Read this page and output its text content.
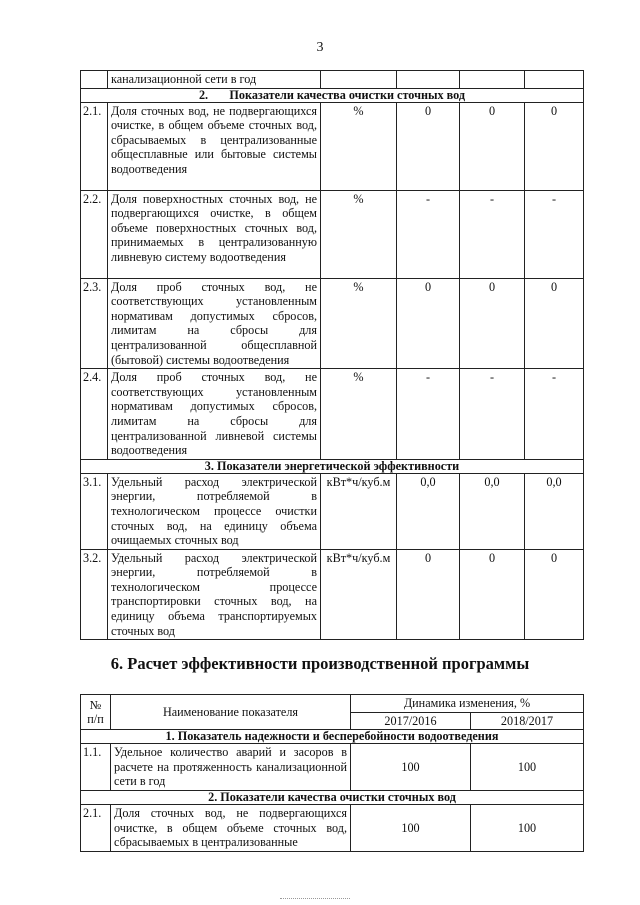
3
	канализационной сети в год				
2. Показатели качества очистки сточных вод					
2.1.	Доля сточных вод, не подвергающихся очистке, в общем объеме сточных вод, сбрасываемых в централизованные общесплавные или бытовые системы водоотведения	%	0	0	0
2.2.	Доля поверхностных сточных вод, не подвергающихся очистке, в общем объеме поверхностных сточных вод, принимаемых в централизованную ливневую систему водоотведения	%	-	-	-
2.3.	Доля проб сточных вод, не соответствующих установленным нормативам допустимых сбросов, лимитам на сбросы для централизованной общесплавной (бытовой) системы водоотведения	%	0	0	0
2.4.	Доля проб сточных вод, не соответствующих установленным нормативам допустимых сбросов, лимитам на сбросы для централизованной ливневой системы водоотведения	%	-	-	-
3. Показатели энергетической эффективности					
3.1.	Удельный расход электрической энергии, потребляемой в технологическом процессе очистки сточных вод, на единицу объема очищаемых сточных вод	кВт*ч/куб.м	0,0	0,0	0,0
3.2.	Удельный расход электрической энергии, потребляемой в технологическом процессе транспортировки сточных вод, на единицу объема транспортируемых сточных вод	кВт*ч/куб.м	0	0	0
6. Расчет эффективности производственной программы
№ п/п	Наименование показателя	Динамика изменения, %	
		2017/2016	2018/2017
1. Показатель надежности и бесперебойности водоотведения			
1.1.	Удельное количество аварий и засоров в расчете на протяженность канализационной сети в год	100	100
2. Показатели качества очистки сточных вод			
2.1.	Доля сточных вод, не подвергающихся очистке, в общем объеме сточных вод, сбрасываемых в централизованные	100	100
